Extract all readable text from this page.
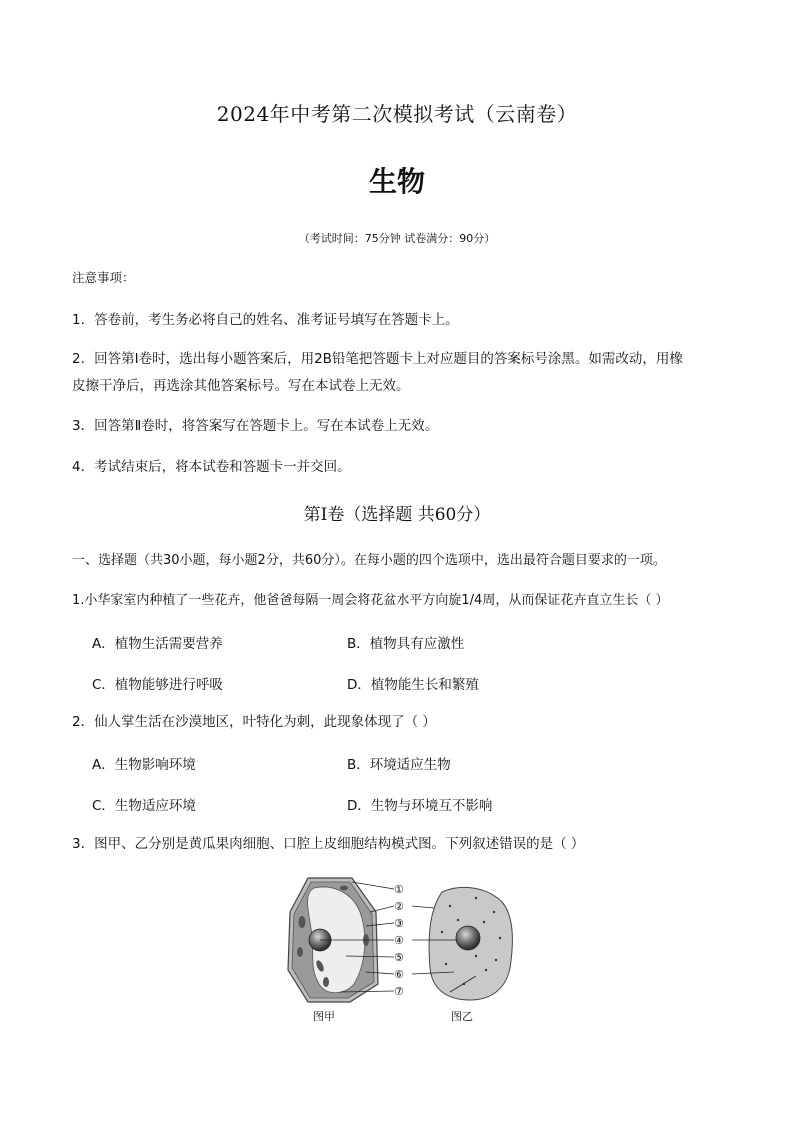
2024年中考第二次模拟考试（云南卷）
生物
（考试时间：75分钟 试卷满分：90分）
注意事项：
1．答卷前，考生务必将自己的姓名、准考证号填写在答题卡上。
2．回答第Ⅰ卷时，选出每小题答案后，用2B铅笔把答题卡上对应题目的答案标号涂黑。如需改动，用橡
皮擦干净后，再选涂其他答案标号。写在本试卷上无效。
3．回答第Ⅱ卷时，将答案写在答题卡上。写在本试卷上无效。
4．考试结束后，将本试卷和答题卡一并交回。
第Ⅰ卷（选择题 共60分）
一、选择题（共30小题，每小题2分，共60分）。在每小题的四个选项中，选出最符合题目要求的一项。
1.小华家室内种植了一些花卉，他爸爸每隔一周会将花盆水平方向旋1/4周，从而保证花卉直立生长（ ）
A．植物生活需要营养	B．植物具有应激性
C．植物能够进行呼吸	D．植物能生长和繁殖
2．仙人掌生活在沙漠地区，叶特化为刺，此现象体现了（ ）
A．生物影响环境	B．环境适应生物
C．生物适应环境	D．生物与环境互不影响
3．图甲、乙分别是黄瓜果肉细胞、口腔上皮细胞结构模式图。下列叙述错误的是（ ）
①
②
③
④
⑤
⑥
⑦
图甲	图乙
